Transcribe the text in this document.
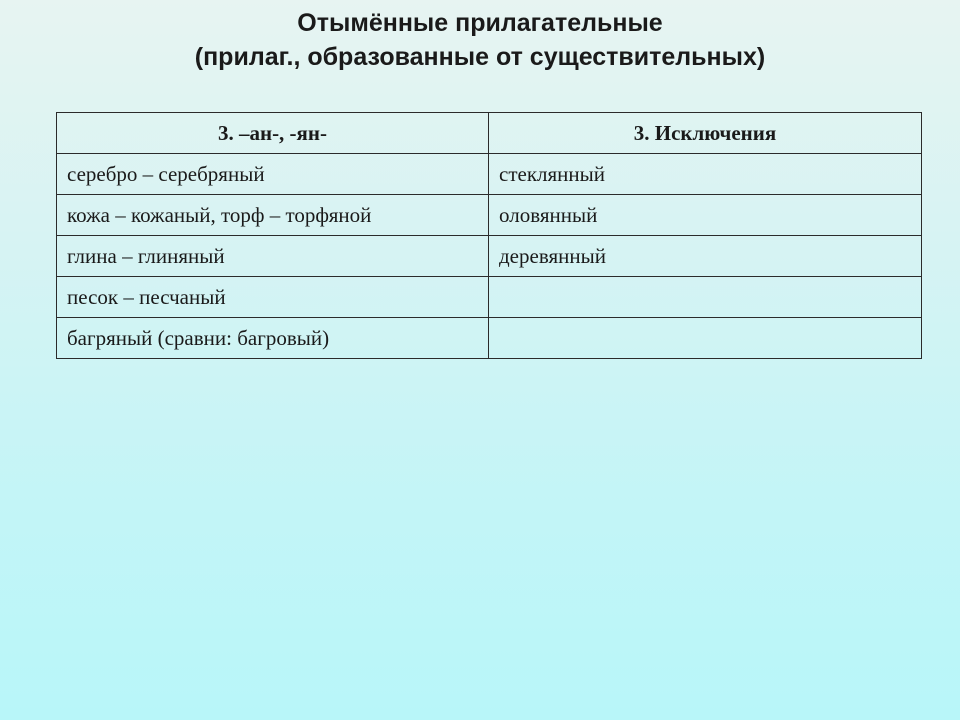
Отымённые прилагательные
(прилаг., образованные от существительных)
3. –ан-, -ян-	3. Исключения
серебро – серебряный	стеклянный
кожа – кожаный, торф – торфяной	оловянный
глина – глиняный	деревянный
песок – песчаный	
багряный (сравни: багровый)	
